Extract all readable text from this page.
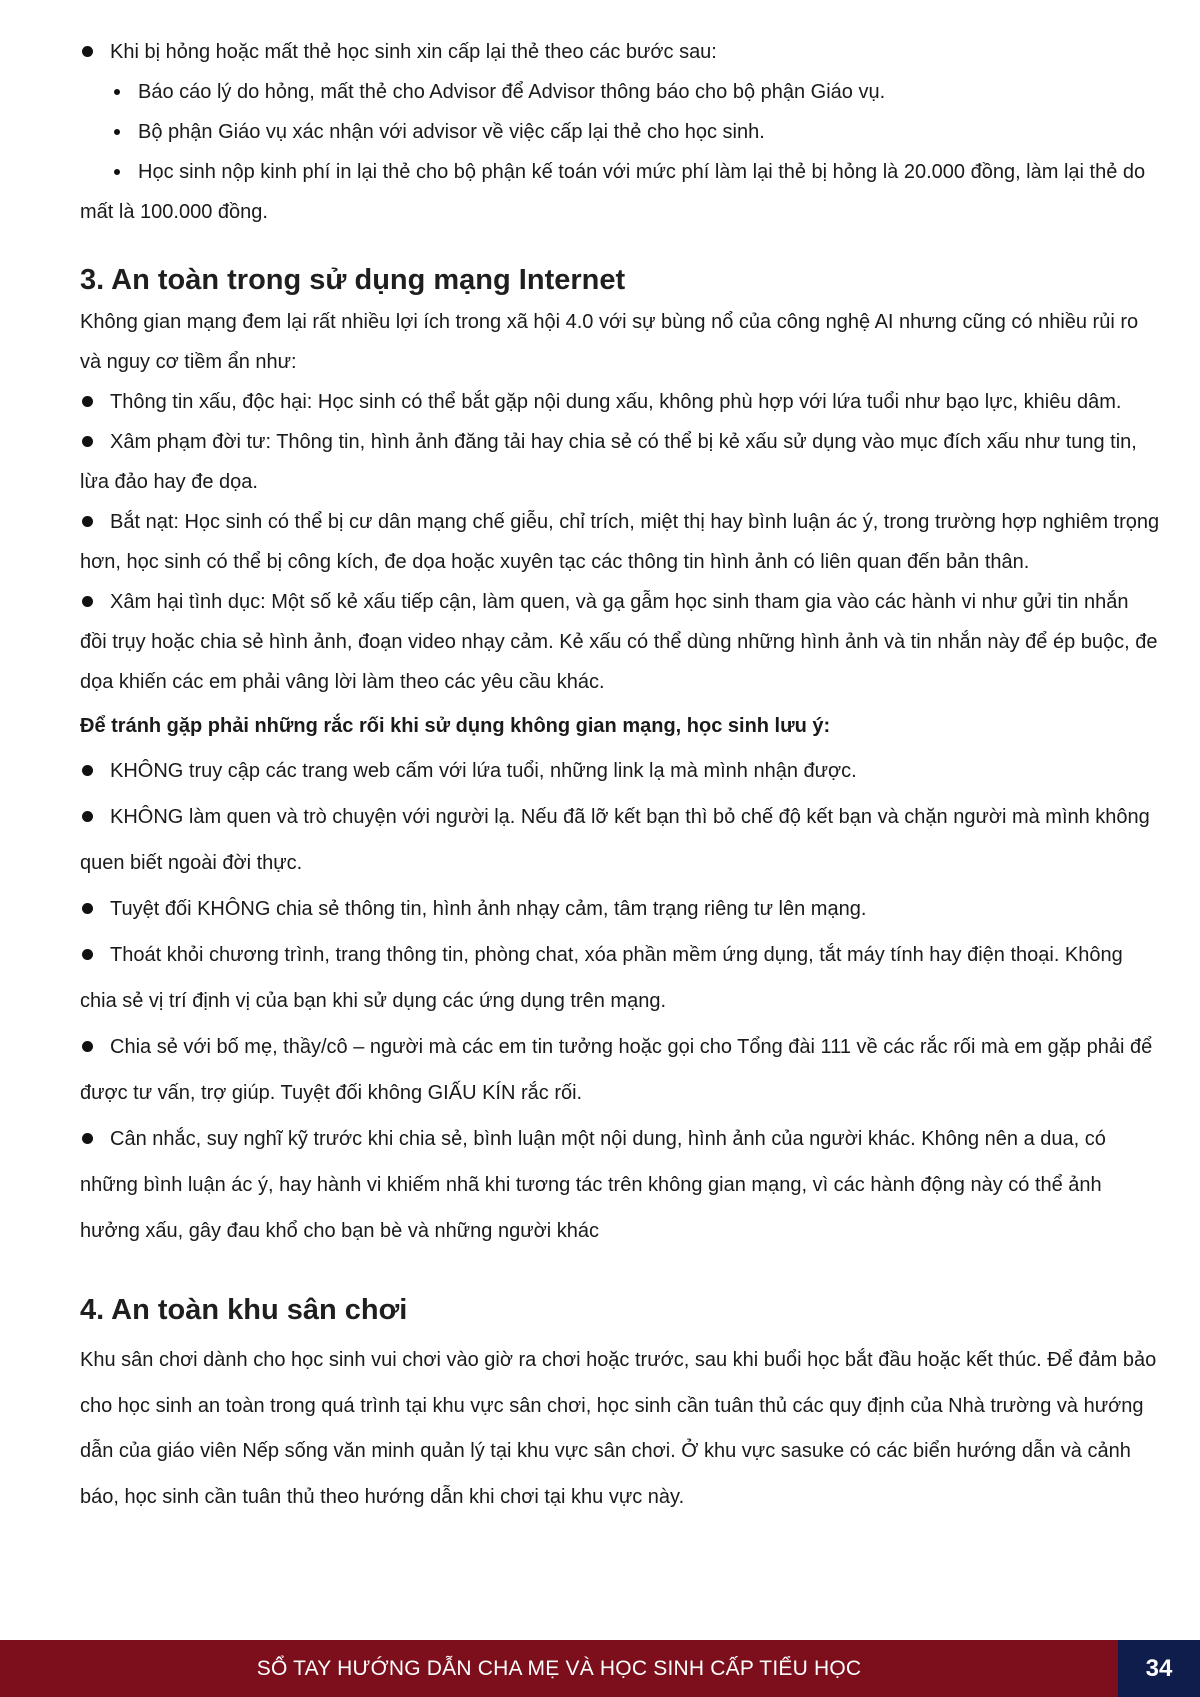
Khi bị hỏng hoặc mất thẻ học sinh xin cấp lại thẻ theo các bước sau:

Báo cáo lý do hỏng, mất thẻ cho Advisor để Advisor thông báo cho bộ phận Giáo vụ.

Bộ phận Giáo vụ xác nhận với advisor về việc cấp lại thẻ cho học sinh.

Học sinh nộp kinh phí in lại thẻ cho bộ phận kế toán với mức phí làm lại thẻ bị hỏng là 20.000 đồng, làm lại thẻ do mất là 100.000 đồng.

3. An toàn trong sử dụng mạng Internet

Không gian mạng đem lại rất nhiều lợi ích trong xã hội 4.0 với sự bùng nổ của công nghệ AI nhưng cũng có nhiều rủi ro và nguy cơ tiềm ẩn như:

Thông tin xấu, độc hại: Học sinh có thể bắt gặp nội dung xấu, không phù hợp với lứa tuổi như bạo lực, khiêu dâm.

Xâm phạm đời tư: Thông tin, hình ảnh đăng tải hay chia sẻ có thể bị kẻ xấu sử dụng vào mục đích xấu như tung tin, lừa đảo hay đe dọa.

Bắt nạt: Học sinh có thể bị cư dân mạng chế giễu, chỉ trích, miệt thị hay bình luận ác ý, trong trường hợp nghiêm trọng hơn, học sinh có thể bị công kích, đe dọa hoặc xuyên tạc các thông tin hình ảnh có liên quan đến bản thân.

Xâm hại tình dục: Một số kẻ xấu tiếp cận, làm quen, và gạ gẫm học sinh tham gia vào các hành vi như gửi tin nhắn đồi trụy hoặc chia sẻ hình ảnh, đoạn video nhạy cảm. Kẻ xấu có thể dùng những hình ảnh và tin nhắn này để ép buộc, đe dọa khiến các em phải vâng lời làm theo các yêu cầu khác.

Để tránh gặp phải những rắc rối khi sử dụng không gian mạng, học sinh lưu ý:

KHÔNG truy cập các trang web cấm với lứa tuổi, những link lạ mà mình nhận được.

KHÔNG làm quen và trò chuyện với người lạ. Nếu đã lỡ kết bạn thì bỏ chế độ kết bạn và chặn người mà mình không quen biết ngoài đời thực.

Tuyệt đối KHÔNG chia sẻ thông tin, hình ảnh nhạy cảm, tâm trạng riêng tư lên mạng.

Thoát khỏi chương trình, trang thông tin, phòng chat, xóa phần mềm ứng dụng, tắt máy tính hay điện thoại. Không chia sẻ vị trí định vị của bạn khi sử dụng các ứng dụng trên mạng.

Chia sẻ với bố mẹ, thầy/cô – người mà các em tin tưởng hoặc gọi cho Tổng đài 111 về các rắc rối mà em gặp phải để được tư vấn, trợ giúp. Tuyệt đối không GIẤU KÍN rắc rối.

Cân nhắc, suy nghĩ kỹ trước khi chia sẻ, bình luận một nội dung, hình ảnh của người khác. Không nên a dua, có những bình luận ác ý, hay hành vi khiếm nhã khi tương tác trên không gian mạng, vì các hành động này có thể ảnh hưởng xấu, gây đau khổ cho bạn bè và những người khác

4. An toàn khu sân chơi

Khu sân chơi dành cho học sinh vui chơi vào giờ ra chơi hoặc trước, sau khi buổi học bắt đầu hoặc kết thúc. Để đảm bảo cho học sinh an toàn trong quá trình tại khu vực sân chơi, học sinh cần tuân thủ các quy định của Nhà trường và hướng dẫn của giáo viên Nếp sống văn minh quản lý tại khu vực sân chơi. Ở khu vực sasuke có các biển hướng dẫn và cảnh báo, học sinh cần tuân thủ theo hướng dẫn khi chơi tại khu vực này.

SỔ TAY HƯỚNG DẪN CHA MẸ VÀ HỌC SINH CẤP TIỂU HỌC	34
